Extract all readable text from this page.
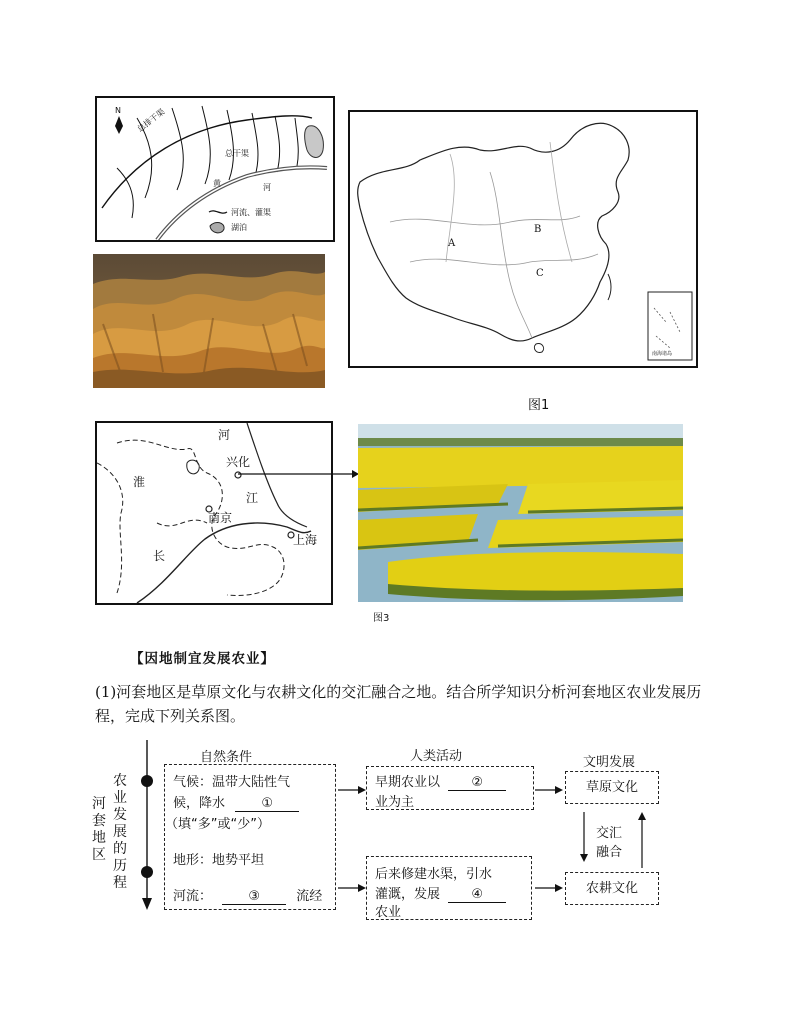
N 总排干渠
总干渠
黄	河
河流、灌渠
湖泊
A
B
C
南海诸岛
图1
河
兴化
淮
江
南京
上海
长
图3
【因地制宜发展农业】
(1)河套地区是草原文化与农耕文化的交汇融合之地。结合所学知识分析河套地区农业发展历程，完成下列关系图。
河套地区
农业发展的历程
自然条件	人类活动	文明发展
气候：温带大陆性气
候，降水	①
（填“多”或“少”）
地形：地势平坦
河流：	③	流经
早期农业以 ②
业为主
后来修建水渠，引水
灌溉，发展 ④
农业
草原文化
农耕文化
交汇
融合
